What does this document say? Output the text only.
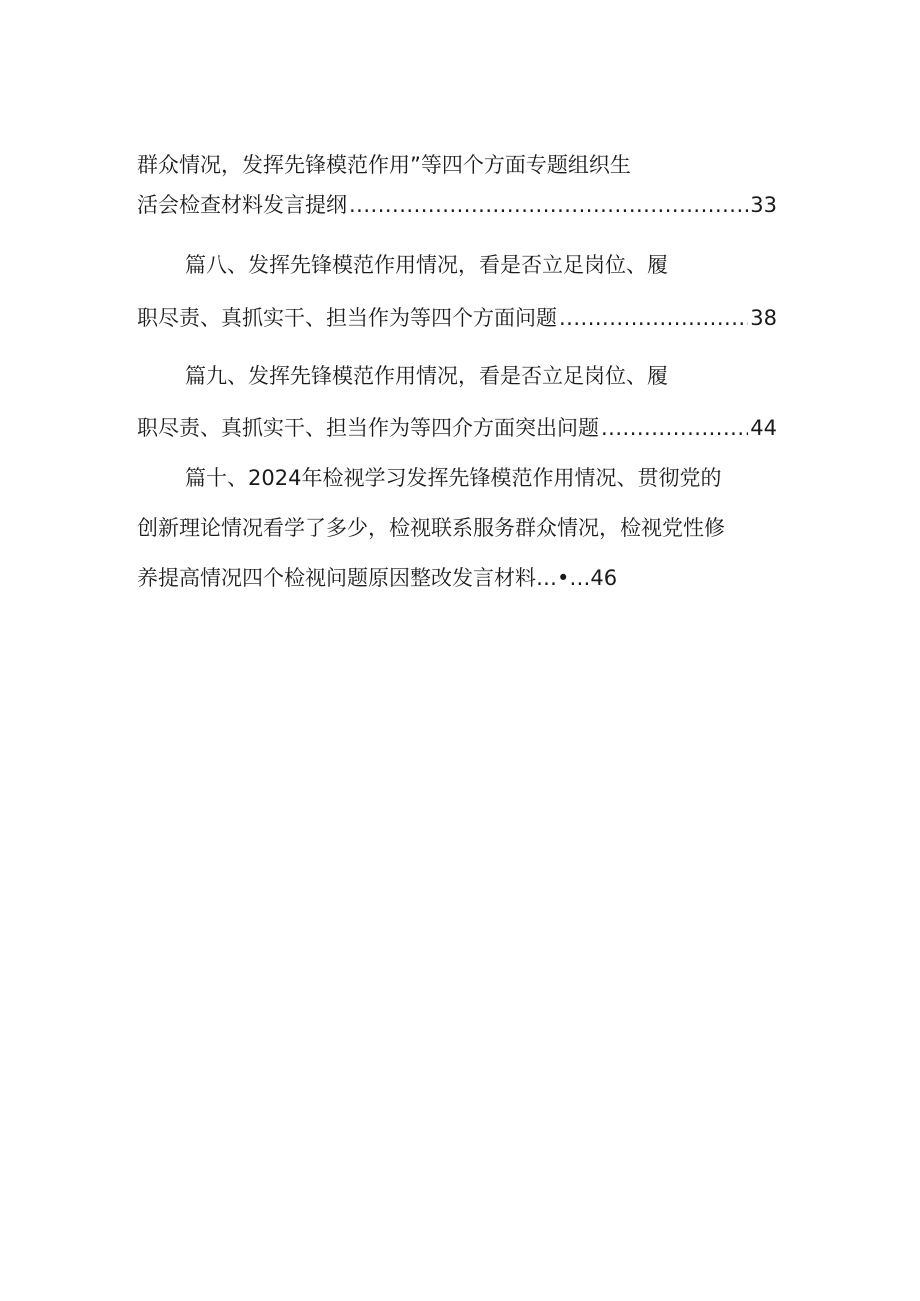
群众情况，发挥先锋模范作用”等四个方面专题组织生
活会检查材料发言提纲 .....	33
篇八、发挥先锋模范作用情况，看是否立足岗位、履
职尽责、真抓实干、担当作为等四个方面问题 .....	38
篇九、发挥先锋模范作用情况，看是否立足岗位、履
职尽责、真抓实干、担当作为等四介方面突出问题 .....	44
篇十、2024年检视学习发挥先锋模范作用情况、贯彻党的
创新理论情况看学了多少，检视联系服务群众情况，检视党性修
养提高情况四个检视问题原因整改发言材料…•…46
